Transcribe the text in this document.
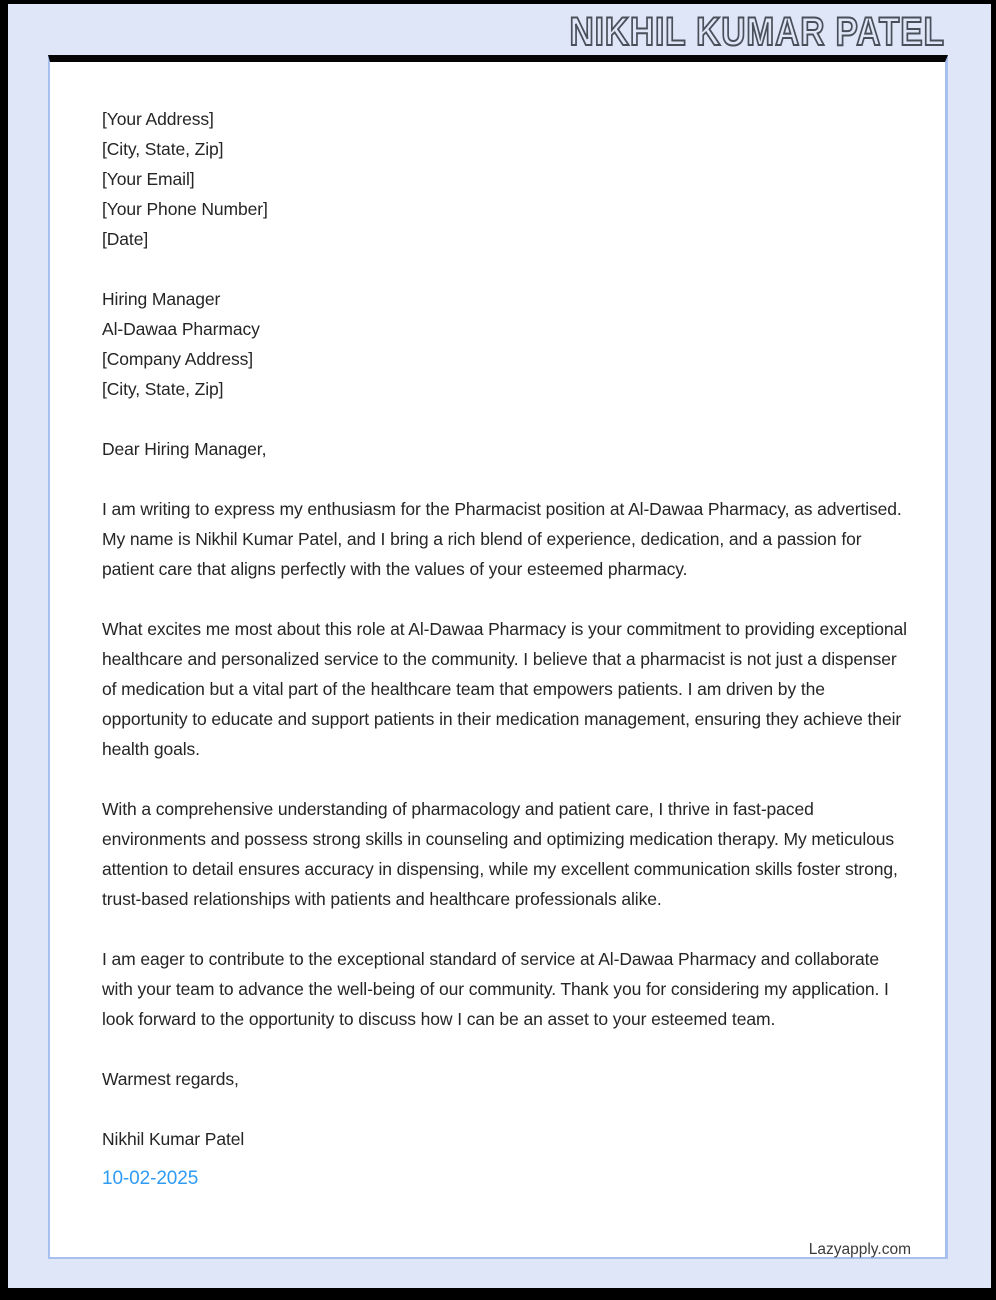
NIKHIL KUMAR PATEL
[Your Address]
[City, State, Zip]
[Your Email]
[Your Phone Number]
[Date]
Hiring Manager
Al-Dawaa Pharmacy
[Company Address]
[City, State, Zip]

Dear Hiring Manager,

I am writing to express my enthusiasm for the Pharmacist position at Al-Dawaa Pharmacy, as advertised. My name is Nikhil Kumar Patel, and I bring a rich blend of experience, dedication, and a passion for patient care that aligns perfectly with the values of your esteemed pharmacy.

What excites me most about this role at Al-Dawaa Pharmacy is your commitment to providing exceptional healthcare and personalized service to the community. I believe that a pharmacist is not just a dispenser of medication but a vital part of the healthcare team that empowers patients. I am driven by the opportunity to educate and support patients in their medication management, ensuring they achieve their health goals.

With a comprehensive understanding of pharmacology and patient care, I thrive in fast-paced environments and possess strong skills in counseling and optimizing medication therapy. My meticulous attention to detail ensures accuracy in dispensing, while my excellent communication skills foster strong, trust-based relationships with patients and healthcare professionals alike.

I am eager to contribute to the exceptional standard of service at Al-Dawaa Pharmacy and collaborate with your team to advance the well-being of our community. Thank you for considering my application. I look forward to the opportunity to discuss how I can be an asset to your esteemed team.

Warmest regards,

Nikhil Kumar Patel

10-02-2025
Lazyapply.com
